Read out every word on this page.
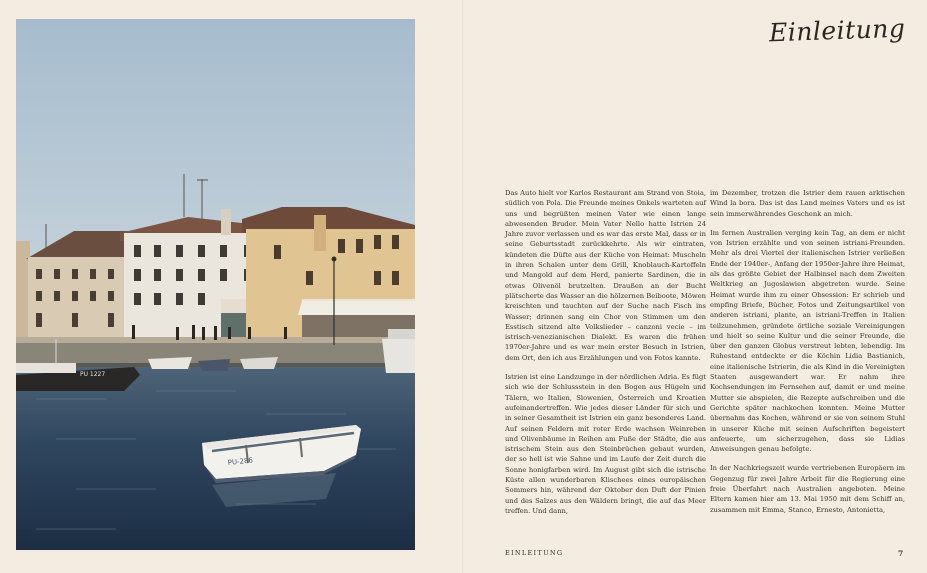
PU 1227
PU-286
Einleitung

Das Auto hielt vor Karlos Restaurant am Strand von Stoia, südlich von Pola. Die Freunde meines Onkels warteten auf uns und begrüßten meinen Vater wie einen lange abwesenden Bruder. Mein Vater Nello hatte Istrien 24 Jahre zuvor verlassen und es war das erste Mal, dass er in seine Geburtsstadt zurückkehrte. Als wir eintraten, kündeten die Düfte aus der Küche von Heimat: Muscheln in ihren Schalen unter dem Grill, Knoblauch-Kartoffeln und Mangold auf dem Herd, panierte Sardinen, die in etwas Olivenöl brutzelten. Draußen an der Bucht plätscherte das Wasser an die hölzernen Beiboote, Möwen kreischten und tauchten auf der Suche nach Fisch ins Wasser; drinnen sang ein Chor von Stimmen um den Esstisch sitzend alte Volkslieder – canzoni vecie – im istrisch-venezianischen Dialekt. Es waren die frühen 1970er-Jahre und es war mein erster Besuch in Istrien, dem Ort, den ich aus Erzählungen und von Fotos kannte.

Istrien ist eine Landzunge in der nördlichen Adria. Es fügt sich wie der Schlussstein in den Bogen aus Hügeln und Tälern, wo Italien, Slowenien, Österreich und Kroatien aufeinandertreffen. Wie jedes dieser Länder für sich und in seiner Gesamtheit ist Istrien ein ganz besonderes Land. Auf seinen Feldern mit roter Erde wachsen Weinreben und Olivenbäume in Reihen am Fuße der Städte, die aus istrischem Stein aus den Steinbrüchen gebaut wurden, der so hell ist wie Sahne und im Laufe der Zeit durch die Sonne honigfarben wird. Im August gibt sich die istrische Küste allen wunderbaren Klischees eines europäischen Sommers hin, während der Oktober den Duft der Pinien und des Salzes aus den Wäldern bringt, die auf das Meer treffen. Und dann,

im Dezember, trotzen die Istrier dem rauen arktischen Wind la bora. Das ist das Land meines Vaters und es ist sein immerwährendes Geschenk an mich.

Im fernen Australien verging kein Tag, an dem er nicht von Istrien erzählte und von seinen istriani-Freunden. Mehr als drei Viertel der italienischen Istrier verließen Ende der 1940er-, Anfang der 1950er-Jahre ihre Heimat, als das größte Gebiet der Halbinsel nach dem Zweiten Weltkrieg an Jugoslawien abgetreten wurde. Seine Heimat wurde ihm zu einer Obsession: Er schrieb und empfing Briefe, Bücher, Fotos und Zeitungsartikel von anderen istriani, plante, an istriani-Treffen in Italien teilzunehmen, gründete örtliche soziale Vereinigungen und hielt so seine Kultur und die seiner Freunde, die über den ganzen Globus verstreut lebten, lebendig. Im Ruhestand entdeckte er die Köchin Lidia Bastianich, eine italienische Istrierin, die als Kind in die Vereinigten Staaten ausgewandert war. Er nahm ihre Kochsendungen im Fernsehen auf, damit er und meine Mutter sie abspielen, die Rezepte aufschreiben und die Gerichte später nachkochen konnten. Meine Mutter übernahm das Kochen, während er sie von seinem Stuhl in unserer Küche mit seinen Aufschriften begeistert anfeuerte, um sicherzugehen, dass sie Lidias Anweisungen genau befolgte.

In der Nachkriegszeit wurde vertriebenen Europäern im Gegenzug für zwei Jahre Arbeit für die Regierung eine freie Überfahrt nach Australien angeboten. Meine Eltern kamen hier am 13. Mai 1950 mit dem Schiff an, zusammen mit Emma, Stanco, Ernesto, Antonietta,

EINLEITUNG	7
